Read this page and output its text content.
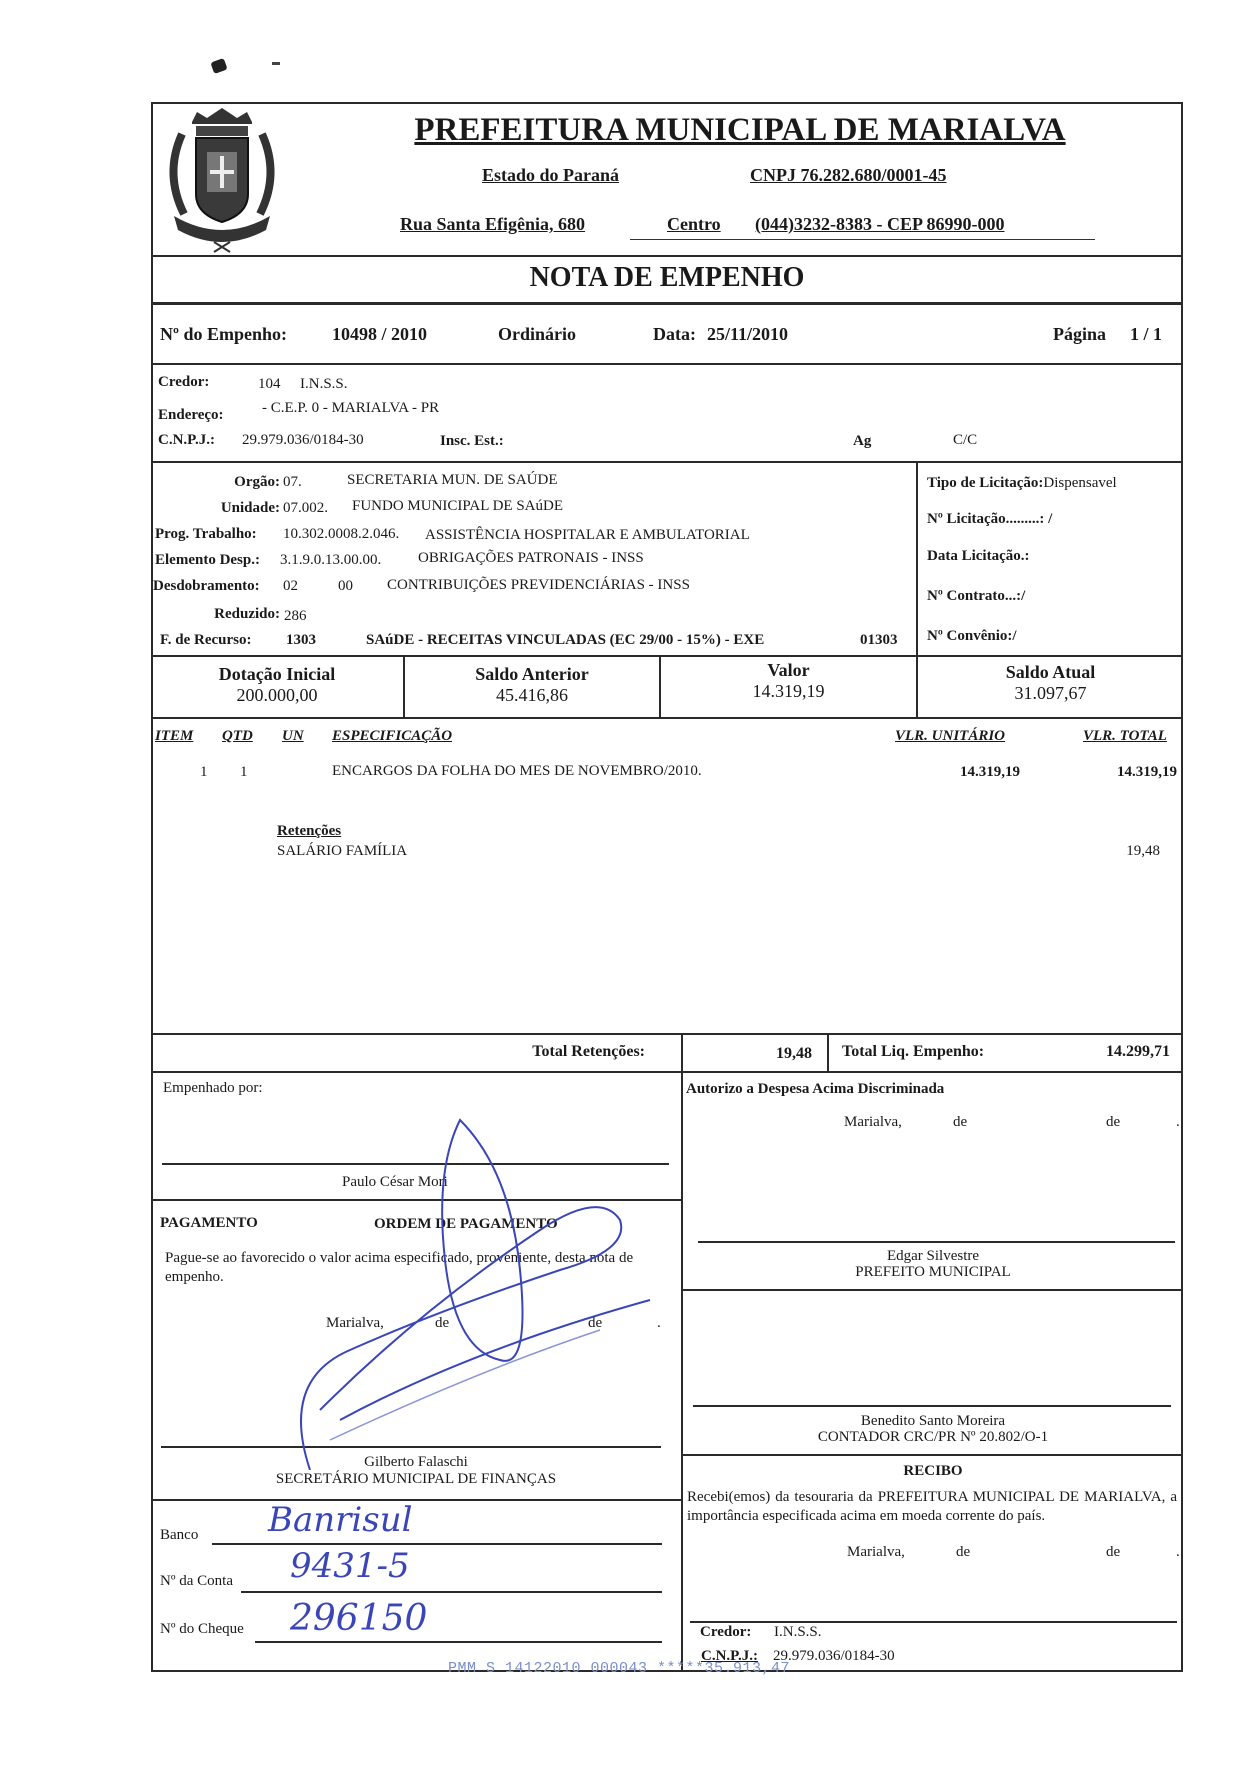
PREFEITURA MUNICIPAL DE MARIALVA
Estado do Paraná	CNPJ 76.282.680/0001-45
Rua Santa Efigênia, 680	Centro (044)3232-8383 - CEP 86990-000
NOTA DE EMPENHO
Nº do Empenho:	10498 / 2010	Ordinário	Data: 25/11/2010	Página 1 / 1
Credor:	104 I.N.S.S.
Endereço:	- C.E.P. 0 - MARIALVA - PR
C.N.P.J.: 29.979.036/0184-30	Insc. Est.:	Ag	C/C
Orgão: 07.	SECRETARIA MUN. DE SAÚDE
Unidade: 07.002. FUNDO MUNICIPAL DE SAúDE
Prog. Trabalho: 10.302.0008.2.046. ASSISTÊNCIA HOSPITALAR E AMBULATORIAL
Elemento Desp.: 3.1.9.0.13.00.00. OBRIGAÇÕES PATRONAIS - INSS
Desdobramento: 02	00 CONTRIBUIÇÕES PREVIDENCIÁRIAS - INSS
Reduzido: 286
F. de Recurso: 1303	SAúDE - RECEITAS VINCULADAS (EC 29/00 - 15%) - EXE	01303
Tipo de Licitação:Dispensavel
Nº Licitação.........: /
Data Licitação.:
Nº Contrato...:/
Nº Convênio:/
Dotação Inicial
200.000,00
Saldo Anterior
45.416,86
Valor
14.319,19
Saldo Atual
31.097,67
ITEM QTD UN ESPECIFICAÇÃO	VLR. UNITÁRIO	VLR. TOTAL
1 1	ENCARGOS DA FOLHA DO MES DE NOVEMBRO/2010.	14.319,19	14.319,19
Retenções
SALÁRIO FAMÍLIA	19,48
Total Retenções:	19,48 Total Liq. Empenho:	14.299,71
Empenhado por:
Paulo César Mori
Autorizo a Despesa Acima Discriminada
Marialva,	de	de	.
Edgar Silvestre
PREFEITO MUNICIPAL
Benedito Santo Moreira
CONTADOR CRC/PR Nº 20.802/O-1
PAGAMENTO	ORDEM DE PAGAMENTO
Pague-se ao favorecido o valor acima especificado, proveniente, desta nota de empenho.
Marialva,	de	de	.
Gilberto Falaschi
SECRETÁRIO MUNICIPAL DE FINANÇAS
Banco Banrisul
Nº da Conta 9431-5
Nº do Cheque 296150
RECIBO
Recebi(emos) da tesouraria da PREFEITURA MUNICIPAL DE MARIALVA, a importância especificada acima em moeda corrente do país.
Marialva,	de	de	.
Credor: I.N.S.S.
C.N.P.J.: 29.979.036/0184-30
PMM S 14122010 000043 *****35.913,47
